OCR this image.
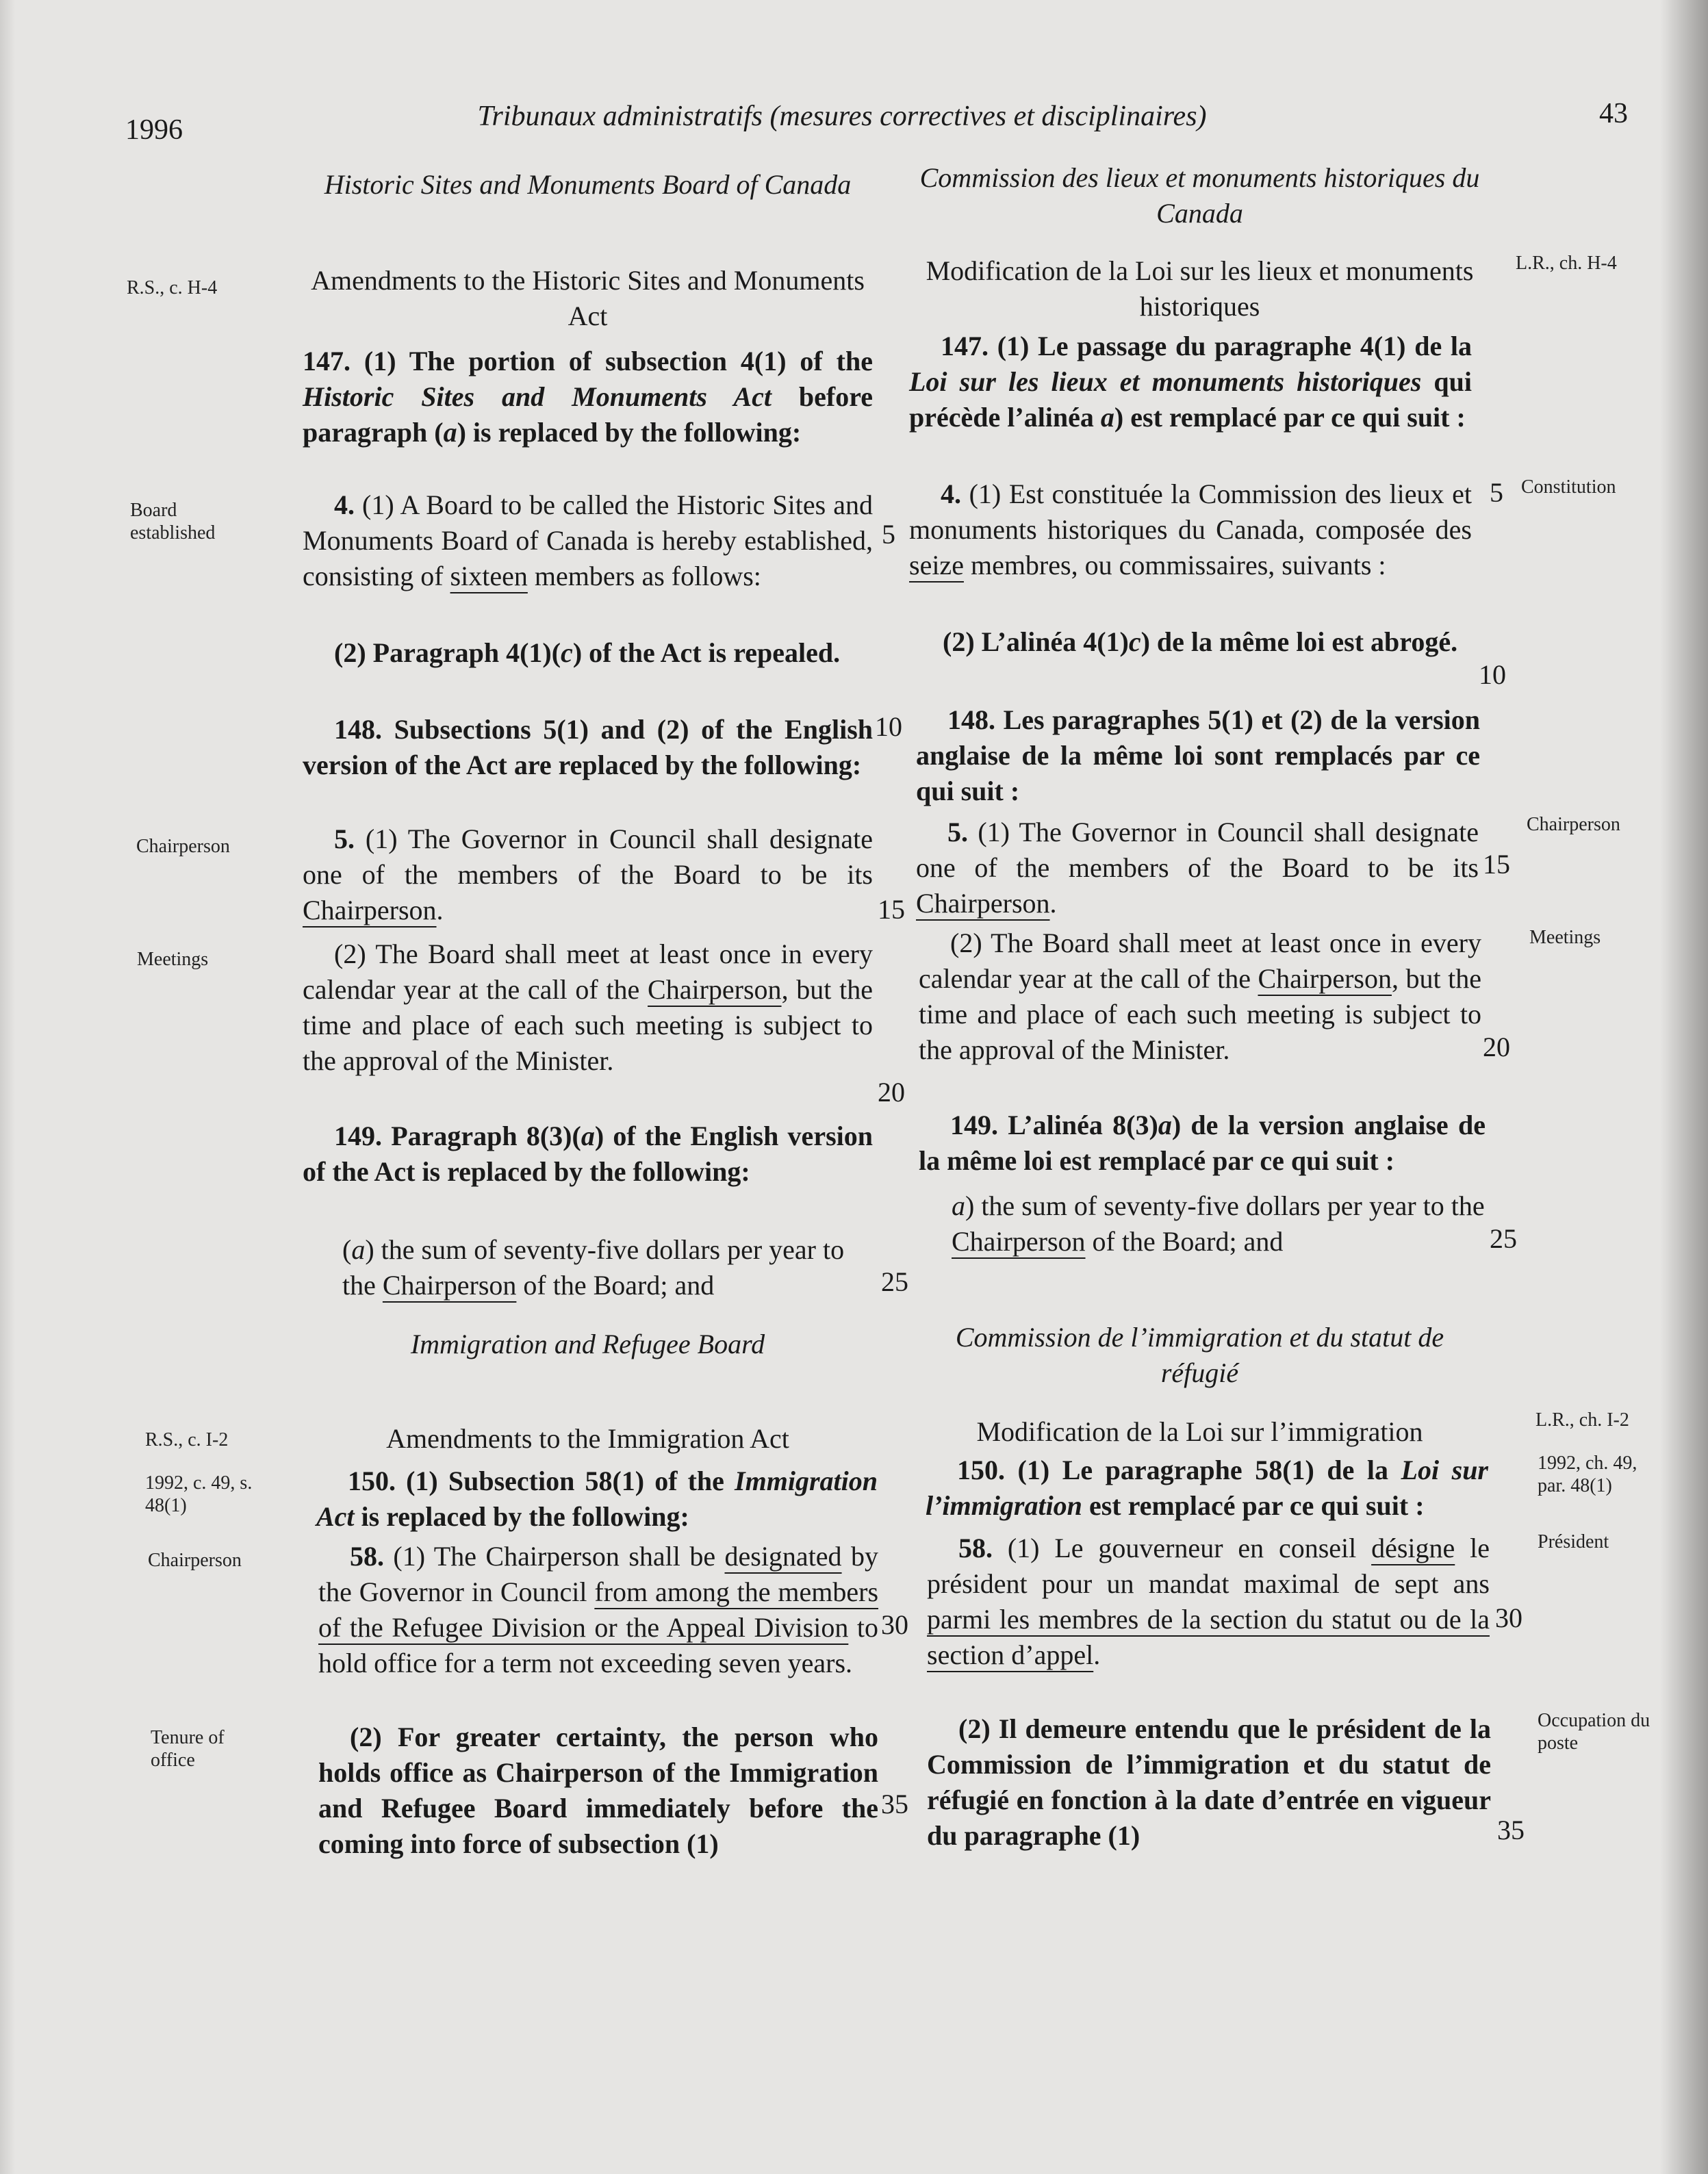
1996	Tribunaux administratifs (mesures correctives et disciplinaires)	43
R.S., c. H-4
Board established
Chairperson
Meetings
R.S., c. I-2
1992, c. 49, s. 48(1)
Chairperson
Tenure of office
L.R., ch. H-4
Constitution
Chairperson
Meetings
L.R., ch. I-2
1992, ch. 49, par. 48(1)
Président
Occupation du poste
5
10
15
20
25
30
35
5
10
15
20
25
30
35
Historic Sites and Monuments Board of Canada
Amendments to the Historic Sites and Monuments Act
147. (1) The portion of subsection 4(1) of the Historic Sites and Monuments Act before paragraph (a) is replaced by the following:
4. (1) A Board to be called the Historic Sites and Monuments Board of Canada is hereby established, consisting of sixteen members as follows:
(2) Paragraph 4(1)(c) of the Act is repealed.
148. Subsections 5(1) and (2) of the English version of the Act are replaced by the following:
5. (1) The Governor in Council shall designate one of the members of the Board to be its Chairperson.
(2) The Board shall meet at least once in every calendar year at the call of the Chairperson, but the time and place of each such meeting is subject to the approval of the Minister.
149. Paragraph 8(3)(a) of the English version of the Act is replaced by the following:
(a) the sum of seventy-five dollars per year to the Chairperson of the Board; and
Immigration and Refugee Board
Amendments to the Immigration Act
150. (1) Subsection 58(1) of the Immigration Act is replaced by the following:
58. (1) The Chairperson shall be designated by the Governor in Council from among the members of the Refugee Division or the Appeal Division to hold office for a term not exceeding seven years.
(2) For greater certainty, the person who holds office as Chairperson of the Immigration and Refugee Board immediately before the coming into force of subsection (1)
Commission des lieux et monuments historiques du Canada
Modification de la Loi sur les lieux et monuments historiques
147. (1) Le passage du paragraphe 4(1) de la Loi sur les lieux et monuments historiques qui précède l’alinéa a) est remplacé par ce qui suit :
4. (1) Est constituée la Commission des lieux et monuments historiques du Canada, composée des seize membres, ou commissaires, suivants :
(2) L’alinéa 4(1)c) de la même loi est abrogé.
148. Les paragraphes 5(1) et (2) de la version anglaise de la même loi sont remplacés par ce qui suit :
5. (1) The Governor in Council shall designate one of the members of the Board to be its Chairperson.
(2) The Board shall meet at least once in every calendar year at the call of the Chairperson, but the time and place of each such meeting is subject to the approval of the Minister.
149. L’alinéa 8(3)a) de la version anglaise de la même loi est remplacé par ce qui suit :
a) the sum of seventy-five dollars per year to the Chairperson of the Board; and
Commission de l’immigration et du statut de réfugié
Modification de la Loi sur l’immigration
150. (1) Le paragraphe 58(1) de la Loi sur l’immigration est remplacé par ce qui suit :
58. (1) Le gouverneur en conseil désigne le président pour un mandat maximal de sept ans parmi les membres de la section du statut ou de la section d’appel.
(2) Il demeure entendu que le président de la Commission de l’immigration et du statut de réfugié en fonction à la date d’entrée en vigueur du paragraphe (1)
